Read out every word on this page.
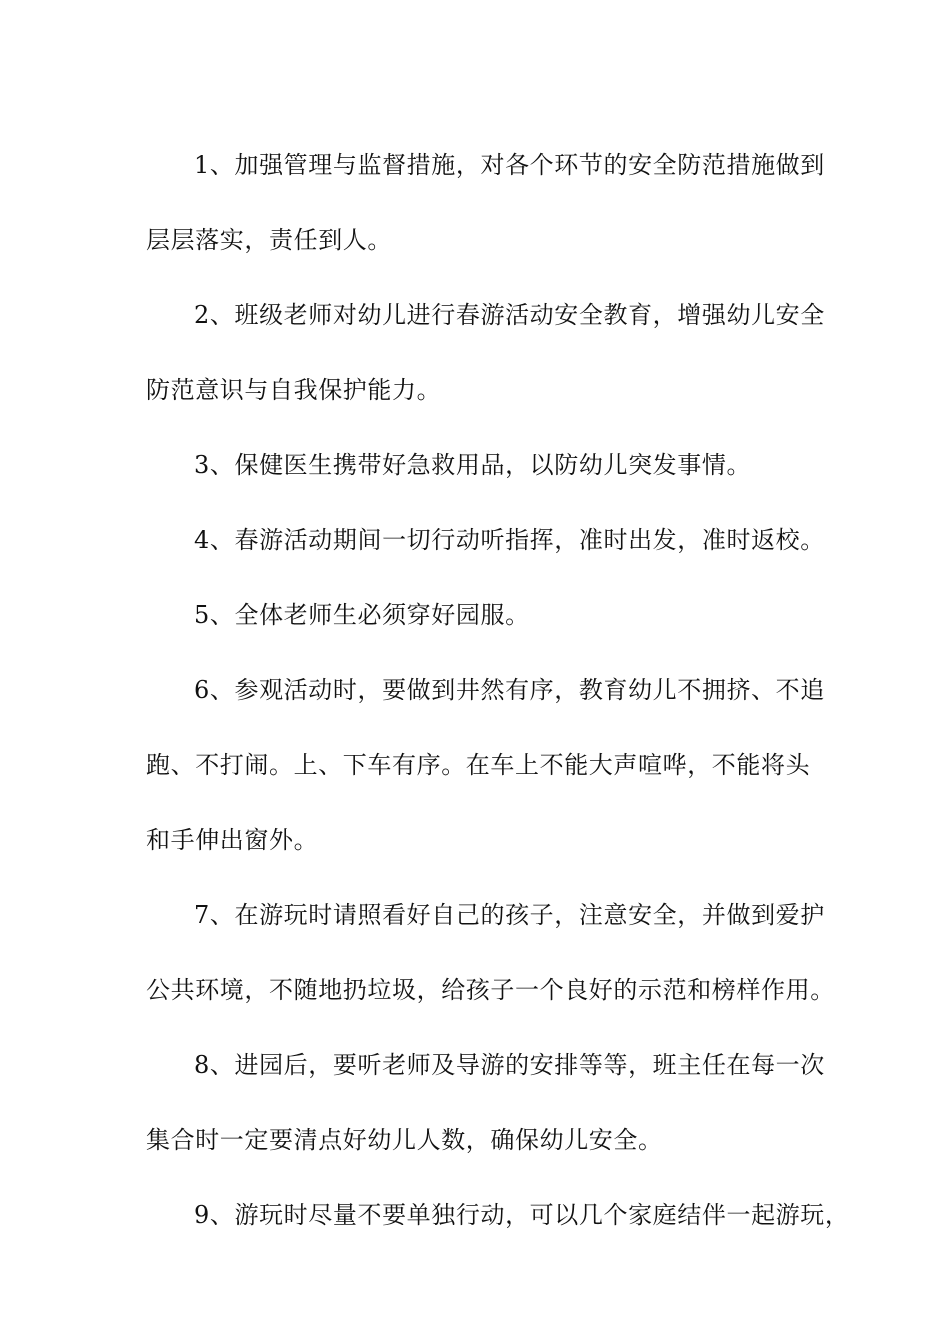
1、加强管理与监督措施，对各个环节的安全防范措施做到
层层落实，责任到人。
2、班级老师对幼儿进行春游活动安全教育，增强幼儿安全
防范意识与自我保护能力。
3、保健医生携带好急救用品，以防幼儿突发事情。
4、春游活动期间一切行动听指挥，准时出发，准时返校。
5、全体老师生必须穿好园服。
6、参观活动时，要做到井然有序，教育幼儿不拥挤、不追
跑、不打闹。上、下车有序。在车上不能大声喧哗，不能将头
和手伸出窗外。
7、在游玩时请照看好自己的孩子，注意安全，并做到爱护
公共环境，不随地扔垃圾，给孩子一个良好的示范和榜样作用。
8、进园后，要听老师及导游的安排等等，班主任在每一次
集合时一定要清点好幼儿人数，确保幼儿安全。
9、游玩时尽量不要单独行动，可以几个家庭结伴一起游玩，
